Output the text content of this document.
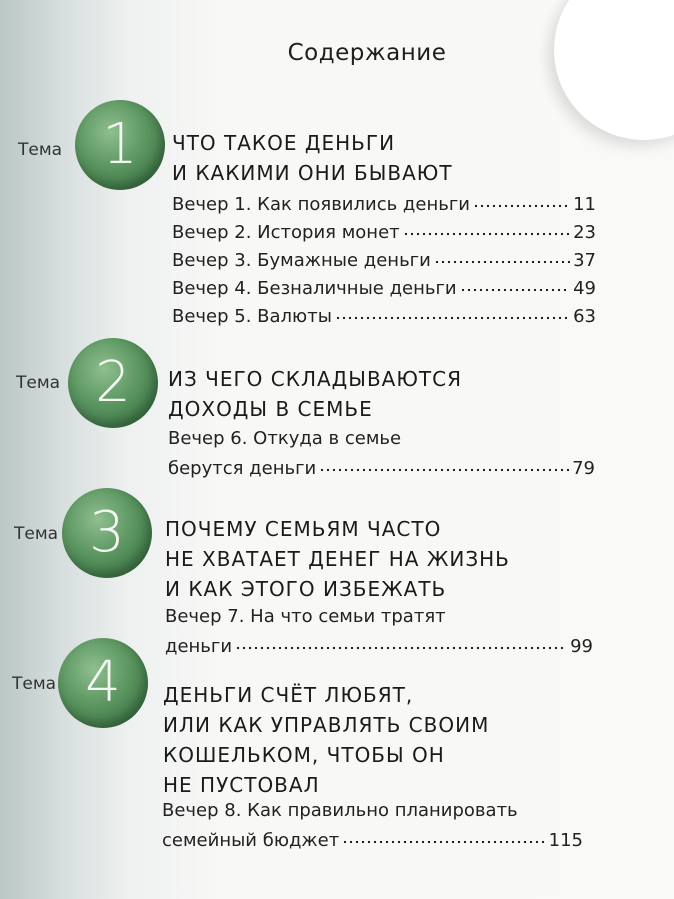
Содержание
Тема 1	ЧТО ТАКОЕ ДЕНЬГИ
И КАКИМИ ОНИ БЫВАЮТ
Вечер 1. Как появились деньги	11
Вечер 2. История монет	23
Вечер 3. Бумажные деньги	37
Вечер 4. Безналичные деньги	49
Вечер 5. Валюты	63
Тема 2	ИЗ ЧЕГО СКЛАДЫВАЮТСЯ
ДОХОДЫ В СЕМЬЕ
Вечер 6. Откуда в семье
берутся деньги	79
Тема 3	ПОЧЕМУ СЕМЬЯМ ЧАСТО
НЕ ХВАТАЕТ ДЕНЕГ НА ЖИЗНЬ
И КАК ЭТОГО ИЗБЕЖАТЬ
Вечер 7. На что семьи тратят
деньги	99
Тема 4	ДЕНЬГИ СЧЁТ ЛЮБЯТ,
ИЛИ КАК УПРАВЛЯТЬ СВОИМ
КОШЕЛЬКОМ, ЧТОБЫ ОН
НЕ ПУСТОВАЛ
Вечер 8. Как правильно планировать
семейный бюджет	115
